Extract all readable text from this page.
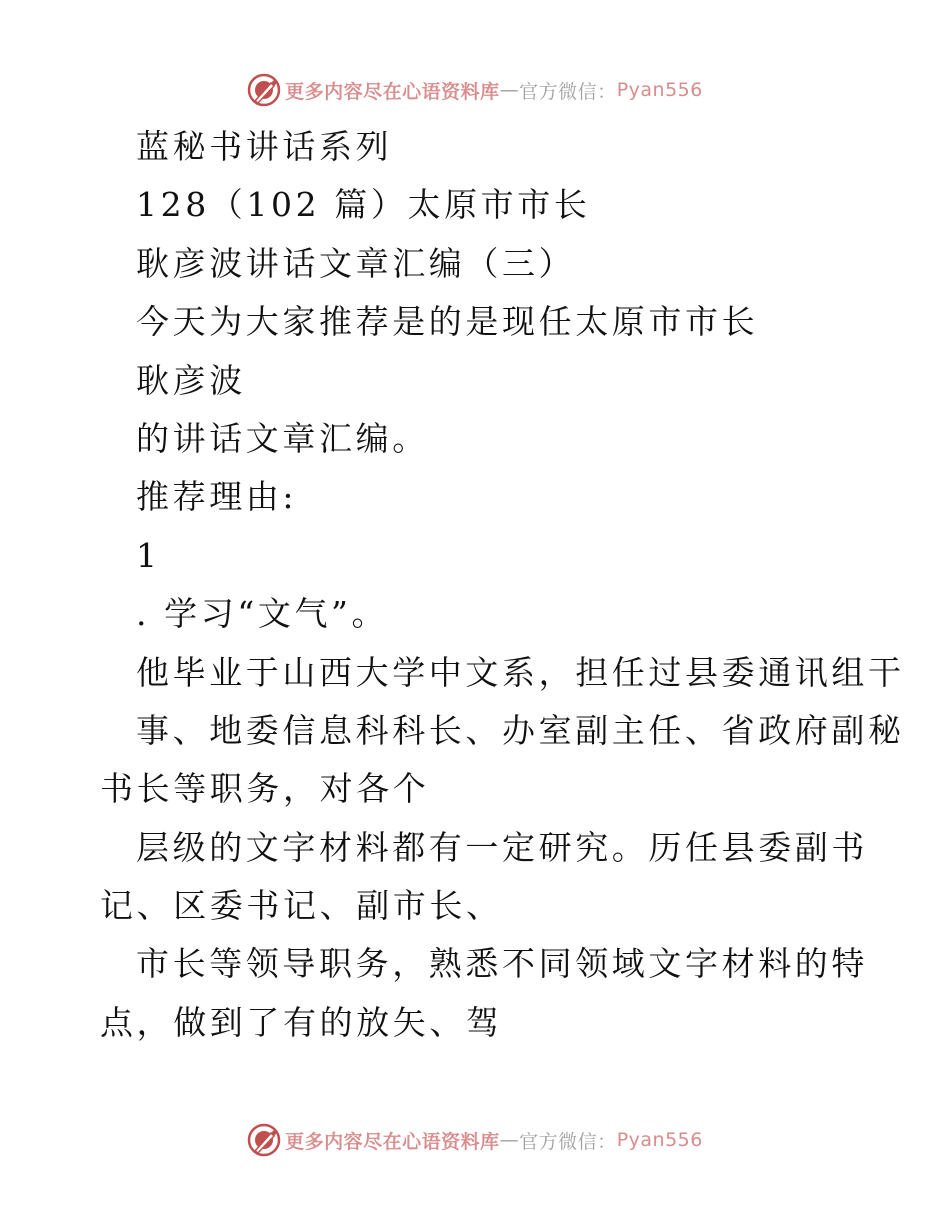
更多内容尽在心语资料库 — 官方微信： Pyan556
蓝秘书讲话系列
128（102 篇）太原市市长
耿彦波讲话文章汇编（三）
今天为大家推荐是的是现任太原市市长
耿彦波
的讲话文章汇编。
推荐理由:
1
. 学习“文气”。
他毕业于山西大学中文系，担任过县委通讯组干
事、地委信息科科长、办室副主任、省政府副秘
书长等职务，对各个
层级的文字材料都有一定研究。历任县委副书
记、区委书记、副市长、
市长等领导职务，熟悉不同领域文字材料的特
点，做到了有的放矢、驾
更多内容尽在心语资料库 — 官方微信： Pyan556
